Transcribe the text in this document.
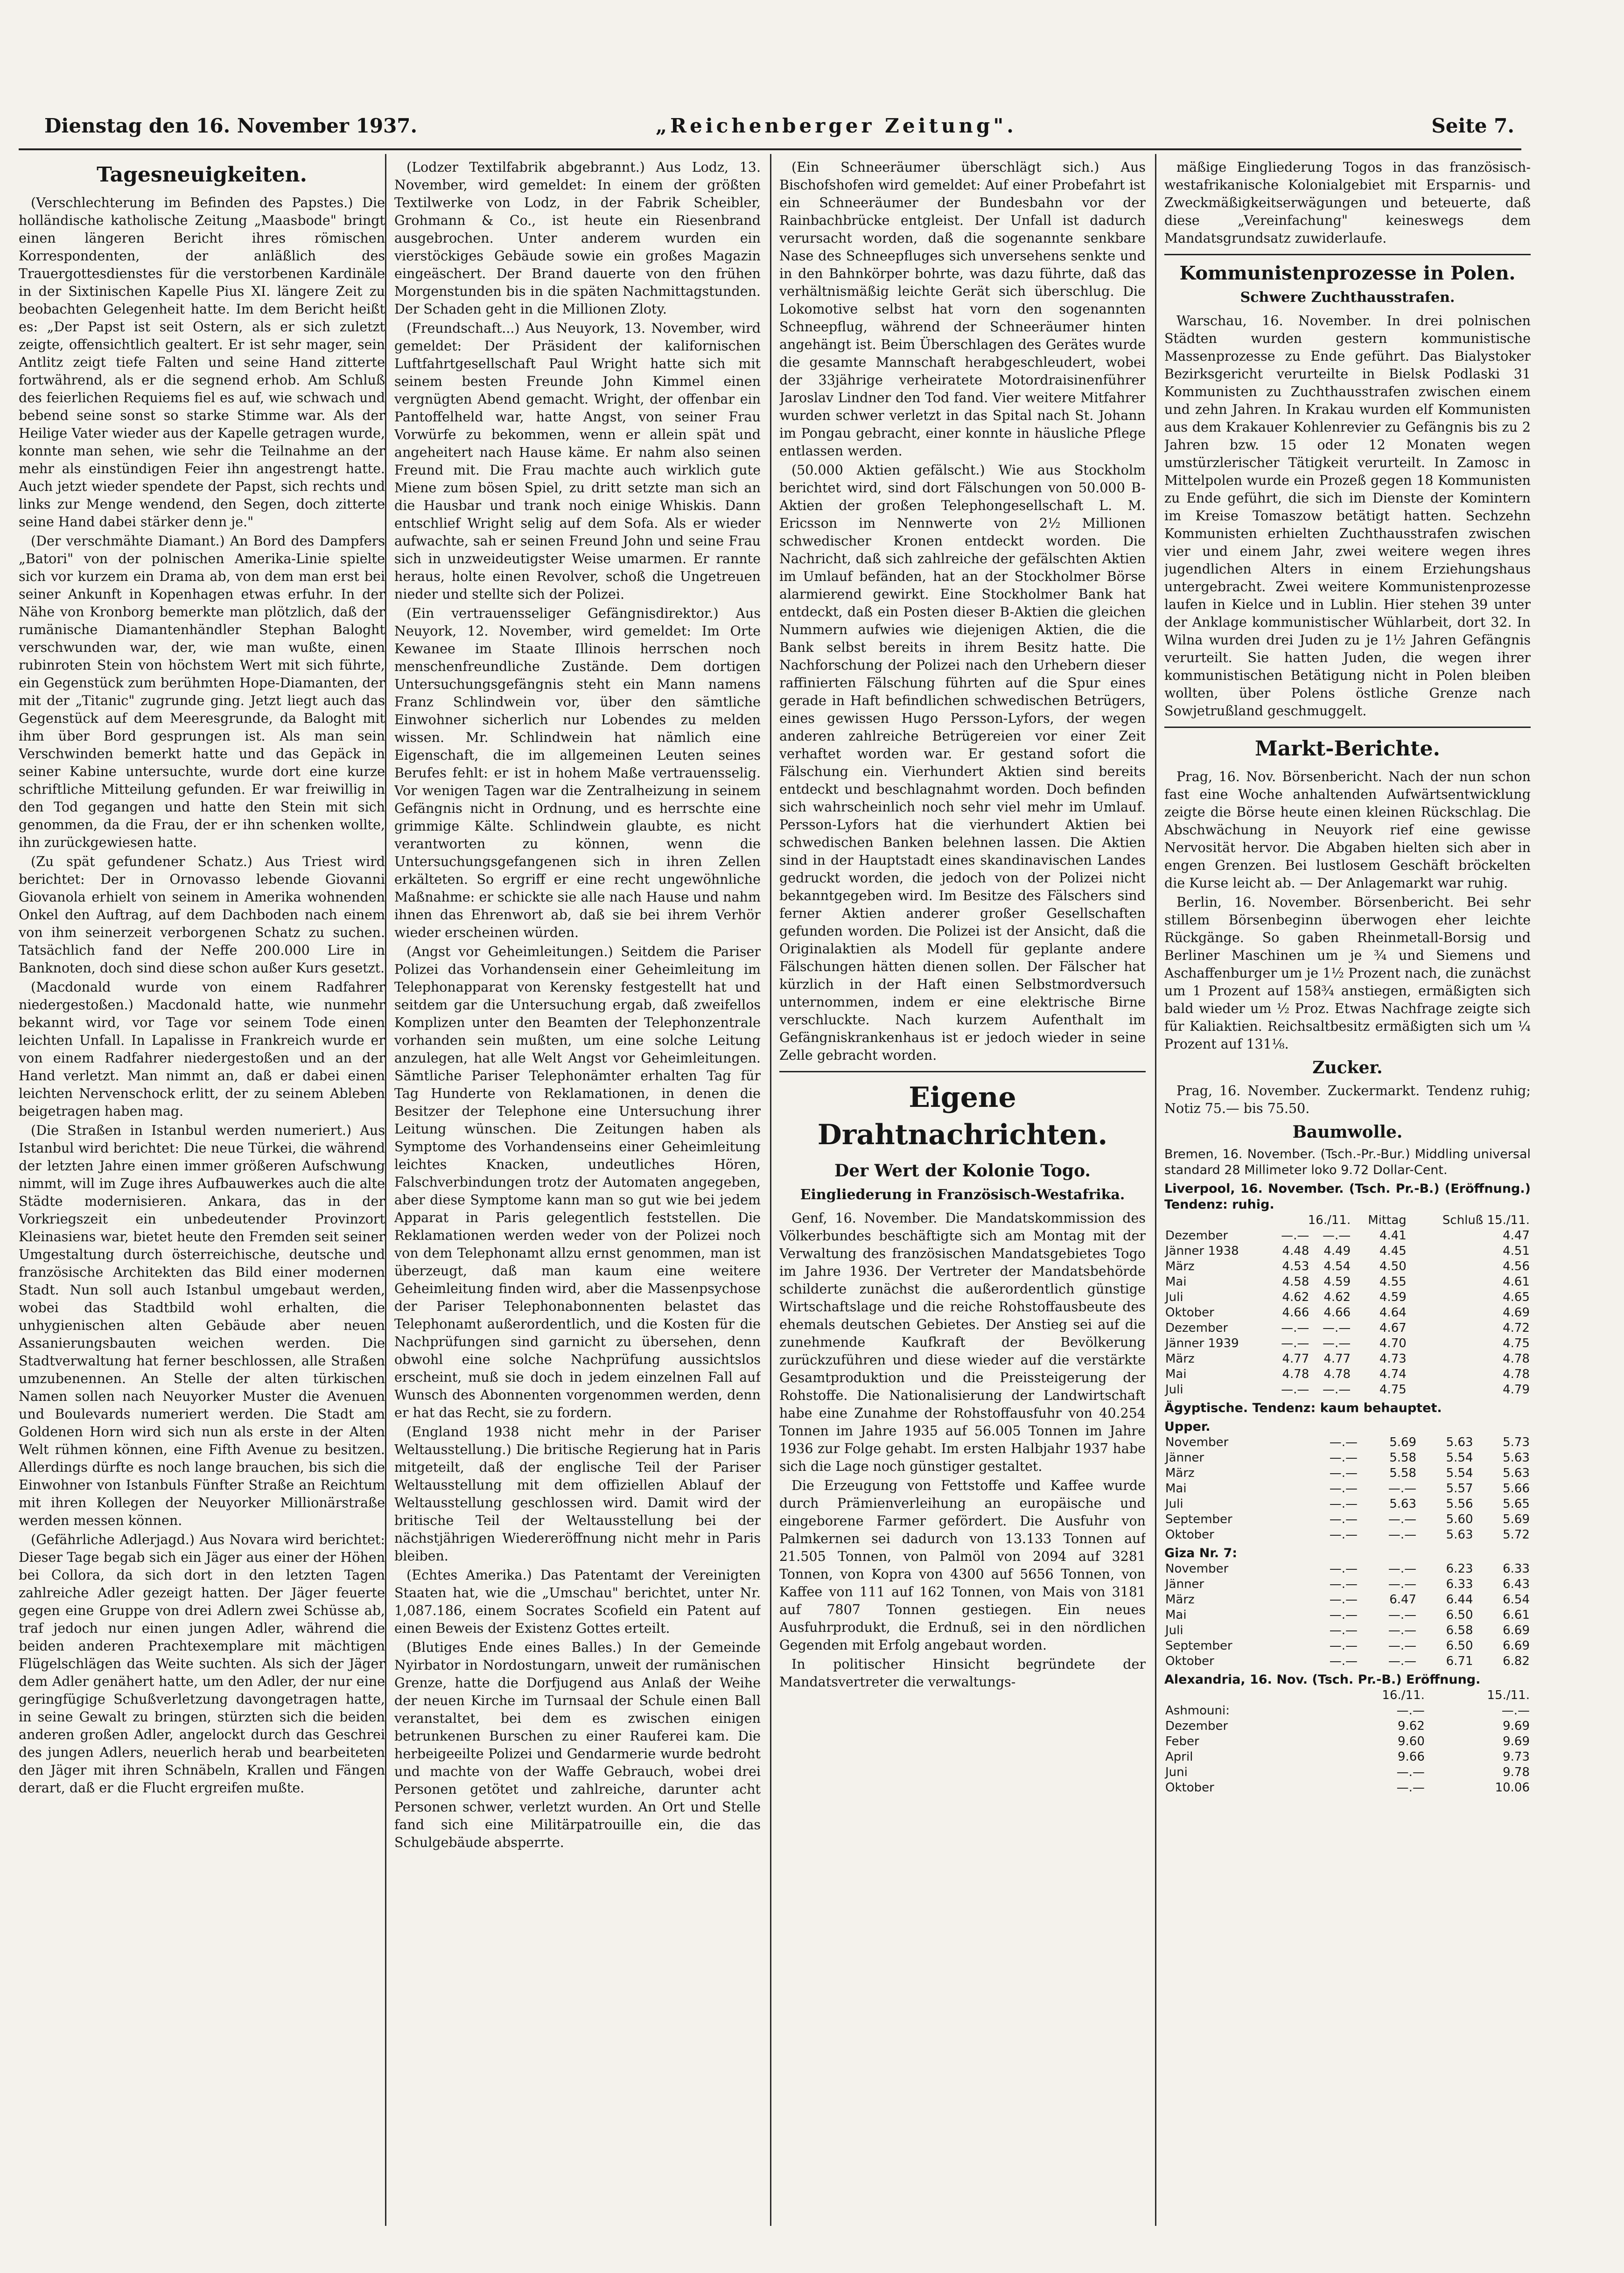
Dienstag den 16. November 1937.	„Reichenberger Zeitung".	Seite 7.
Tagesneuigkeiten.

(Verschlechterung im Befinden des Papstes.) Die holländische katholische Zeitung „Maasbode" bringt einen längeren Bericht ihres römischen Korrespondenten, der anläßlich des Trauergottesdienstes für die verstorbenen Kardinäle in der Sixtinischen Kapelle Pius XI. längere Zeit zu beobachten Gelegenheit hatte. Im dem Bericht heißt es: „Der Papst ist seit Ostern, als er sich zuletzt zeigte, offensichtlich gealtert. Er ist sehr mager, sein Antlitz zeigt tiefe Falten und seine Hand zitterte fortwährend, als er die segnend erhob. Am Schluß des feierlichen Requiems fiel es auf, wie schwach und bebend seine sonst so starke Stimme war. Als der Heilige Vater wieder aus der Kapelle getragen wurde, konnte man sehen, wie sehr die Teilnahme an der mehr als einstündigen Feier ihn angestrengt hatte. Auch jetzt wieder spendete der Papst, sich rechts und links zur Menge wendend, den Segen, doch zitterte seine Hand dabei stärker denn je."

(Der verschmähte Diamant.) An Bord des Dampfers „Batori" von der polnischen Amerika-Linie spielte sich vor kurzem ein Drama ab, von dem man erst bei seiner Ankunft in Kopenhagen etwas erfuhr. In der Nähe von Kronborg bemerkte man plötzlich, daß der rumänische Diamantenhändler Stephan Baloght verschwunden war, der, wie man wußte, einen rubinroten Stein von höchstem Wert mit sich führte, ein Gegenstück zum berühmten Hope-Diamanten, der mit der „Titanic" zugrunde ging. Jetzt liegt auch das Gegenstück auf dem Meeresgrunde, da Baloght mit ihm über Bord gesprungen ist. Als man sein Verschwinden bemerkt hatte und das Gepäck in seiner Kabine untersuchte, wurde dort eine kurze schriftliche Mitteilung gefunden. Er war freiwillig in den Tod gegangen und hatte den Stein mit sich genommen, da die Frau, der er ihn schenken wollte, ihn zurückgewiesen hatte.

(Zu spät gefundener Schatz.) Aus Triest wird berichtet: Der in Ornovasso lebende Giovanni Giovanola erhielt von seinem in Amerika wohnenden Onkel den Auftrag, auf dem Dachboden nach einem von ihm seinerzeit verborgenen Schatz zu suchen. Tatsächlich fand der Neffe 200.000 Lire in Banknoten, doch sind diese schon außer Kurs gesetzt.

(Macdonald wurde von einem Radfahrer niedergestoßen.) Macdonald hatte, wie nunmehr bekannt wird, vor Tage vor seinem Tode einen leichten Unfall. In Lapalisse in Frankreich wurde er von einem Radfahrer niedergestoßen und an der Hand verletzt. Man nimmt an, daß er dabei einen leichten Nervenschock erlitt, der zu seinem Ableben beigetragen haben mag.

(Die Straßen in Istanbul werden numeriert.) Aus Istanbul wird berichtet: Die neue Türkei, die während der letzten Jahre einen immer größeren Aufschwung nimmt, will im Zuge ihres Aufbauwerkes auch die alte Städte modernisieren. Ankara, das in der Vorkriegszeit ein unbedeutender Provinzort Kleinasiens war, bietet heute den Fremden seit seiner Umgestaltung durch österreichische, deutsche und französische Architekten das Bild einer modernen Stadt. Nun soll auch Istanbul umgebaut werden, wobei das Stadtbild wohl erhalten, die unhygienischen alten Gebäude aber neuen Assanierungsbauten weichen werden. Die Stadtverwaltung hat ferner beschlossen, alle Straßen umzubenennen. An Stelle der alten türkischen Namen sollen nach Neuyorker Muster die Avenuen und Boulevards numeriert werden. Die Stadt am Goldenen Horn wird sich nun als erste in der Alten Welt rühmen können, eine Fifth Avenue zu besitzen. Allerdings dürfte es noch lange brauchen, bis sich die Einwohner von Istanbuls Fünfter Straße an Reichtum mit ihren Kollegen der Neuyorker Millionärstraße werden messen können.

(Gefährliche Adlerjagd.) Aus Novara wird berichtet: Dieser Tage begab sich ein Jäger aus einer der Höhen bei Collora, da sich dort in den letzten Tagen zahlreiche Adler gezeigt hatten. Der Jäger feuerte gegen eine Gruppe von drei Adlern zwei Schüsse ab, traf jedoch nur einen jungen Adler, während die beiden anderen Prachtexemplare mit mächtigen Flügelschlägen das Weite suchten. Als sich der Jäger dem Adler genähert hatte, um den Adler, der nur eine geringfügige Schußverletzung davongetragen hatte, in seine Gewalt zu bringen, stürzten sich die beiden anderen großen Adler, angelockt durch das Geschrei des jungen Adlers, neuerlich herab und bearbeiteten den Jäger mit ihren Schnäbeln, Krallen und Fängen derart, daß er die Flucht ergreifen mußte.

(Lodzer Textilfabrik abgebrannt.) Aus Lodz, 13. November, wird gemeldet: In einem der größten Textilwerke von Lodz, in der Fabrik Scheibler, Grohmann & Co., ist heute ein Riesenbrand ausgebrochen. Unter anderem wurden ein vierstöckiges Gebäude sowie ein großes Magazin eingeäschert. Der Brand dauerte von den frühen Morgenstunden bis in die späten Nachmittagstunden. Der Schaden geht in die Millionen Zloty.

(Freundschaft...) Aus Neuyork, 13. November, wird gemeldet: Der Präsident der kalifornischen Luftfahrtgesellschaft Paul Wright hatte sich mit seinem besten Freunde John Kimmel einen vergnügten Abend gemacht. Wright, der offenbar ein Pantoffelheld war, hatte Angst, von seiner Frau Vorwürfe zu bekommen, wenn er allein spät und angeheitert nach Hause käme. Er nahm also seinen Freund mit. Die Frau machte auch wirklich gute Miene zum bösen Spiel, zu dritt setzte man sich an die Hausbar und trank noch einige Whiskis. Dann entschlief Wright selig auf dem Sofa. Als er wieder aufwachte, sah er seinen Freund John und seine Frau sich in unzweideutigster Weise umarmen. Er rannte heraus, holte einen Revolver, schoß die Ungetreuen nieder und stellte sich der Polizei.

(Ein vertrauensseliger Gefängnisdirektor.) Aus Neuyork, 12. November, wird gemeldet: Im Orte Kewanee im Staate Illinois herrschen noch menschenfreundliche Zustände. Dem dortigen Untersuchungsgefängnis steht ein Mann namens Franz Schlindwein vor, über den sämtliche Einwohner sicherlich nur Lobendes zu melden wissen. Mr. Schlindwein hat nämlich eine Eigenschaft, die im allgemeinen Leuten seines Berufes fehlt: er ist in hohem Maße vertrauensselig. Vor wenigen Tagen war die Zentralheizung in seinem Gefängnis nicht in Ordnung, und es herrschte eine grimmige Kälte. Schlindwein glaubte, es nicht verantworten zu können, wenn die Untersuchungsgefangenen sich in ihren Zellen erkälteten. So ergriff er eine recht ungewöhnliche Maßnahme: er schickte sie alle nach Hause und nahm ihnen das Ehrenwort ab, daß sie bei ihrem Verhör wieder erscheinen würden.

(Angst vor Geheimleitungen.) Seitdem die Pariser Polizei das Vorhandensein einer Geheimleitung im Telephonapparat von Kerensky festgestellt hat und seitdem gar die Untersuchung ergab, daß zweifellos Komplizen unter den Beamten der Telephonzentrale vorhanden sein mußten, um eine solche Leitung anzulegen, hat alle Welt Angst vor Geheimleitungen. Sämtliche Pariser Telephonämter erhalten Tag für Tag Hunderte von Reklamationen, in denen die Besitzer der Telephone eine Untersuchung ihrer Leitung wünschen. Die Zeitungen haben als Symptome des Vorhandenseins einer Geheimleitung leichtes Knacken, undeutliches Hören, Falschverbindungen trotz der Automaten angegeben, aber diese Symptome kann man so gut wie bei jedem Apparat in Paris gelegentlich feststellen. Die Reklamationen werden weder von der Polizei noch von dem Telephonamt allzu ernst genommen, man ist überzeugt, daß man kaum eine weitere Geheimleitung finden wird, aber die Massenpsychose der Pariser Telephonabonnenten belastet das Telephonamt außerordentlich, und die Kosten für die Nachprüfungen sind garnicht zu übersehen, denn obwohl eine solche Nachprüfung aussichtslos erscheint, muß sie doch in jedem einzelnen Fall auf Wunsch des Abonnenten vorgenommen werden, denn er hat das Recht, sie zu fordern.

(England 1938 nicht mehr in der Pariser Weltausstellung.) Die britische Regierung hat in Paris mitgeteilt, daß der englische Teil der Pariser Weltausstellung mit dem offiziellen Ablauf der Weltausstellung geschlossen wird. Damit wird der britische Teil der Weltausstellung bei der nächstjährigen Wiedereröffnung nicht mehr in Paris bleiben.

(Echtes Amerika.) Das Patentamt der Vereinigten Staaten hat, wie die „Umschau" berichtet, unter Nr. 1,087.186, einem Socrates Scofield ein Patent auf einen Beweis der Existenz Gottes erteilt.

(Blutiges Ende eines Balles.) In der Gemeinde Nyirbator in Nordostungarn, unweit der rumänischen Grenze, hatte die Dorfjugend aus Anlaß der Weihe der neuen Kirche im Turnsaal der Schule einen Ball veranstaltet, bei dem es zwischen einigen betrunkenen Burschen zu einer Rauferei kam. Die herbeigeeilte Polizei und Gendarmerie wurde bedroht und machte von der Waffe Gebrauch, wobei drei Personen getötet und zahlreiche, darunter acht Personen schwer, verletzt wurden. An Ort und Stelle fand sich eine Militärpatrouille ein, die das Schulgebäude absperrte.

(Ein Schneeräumer überschlägt sich.) Aus Bischofshofen wird gemeldet: Auf einer Probefahrt ist ein Schneeräumer der Bundesbahn vor der Rainbachbrücke entgleist. Der Unfall ist dadurch verursacht worden, daß die sogenannte senkbare Nase des Schneepfluges sich unversehens senkte und in den Bahnkörper bohrte, was dazu führte, daß das verhältnismäßig leichte Gerät sich überschlug. Die Lokomotive selbst hat vorn den sogenannten Schneepflug, während der Schneeräumer hinten angehängt ist. Beim Überschlagen des Gerätes wurde die gesamte Mannschaft herabgeschleudert, wobei der 33jährige verheiratete Motordraisinenführer Jaroslav Lindner den Tod fand. Vier weitere Mitfahrer wurden schwer verletzt in das Spital nach St. Johann im Pongau gebracht, einer konnte in häusliche Pflege entlassen werden.

(50.000 Aktien gefälscht.) Wie aus Stockholm berichtet wird, sind dort Fälschungen von 50.000 B-Aktien der großen Telephongesellschaft L. M. Ericsson im Nennwerte von 2½ Millionen schwedischer Kronen entdeckt worden. Die Nachricht, daß sich zahlreiche der gefälschten Aktien im Umlauf befänden, hat an der Stockholmer Börse alarmierend gewirkt. Eine Stockholmer Bank hat entdeckt, daß ein Posten dieser B-Aktien die gleichen Nummern aufwies wie diejenigen Aktien, die die Bank selbst bereits in ihrem Besitz hatte. Die Nachforschung der Polizei nach den Urhebern dieser raffinierten Fälschung führten auf die Spur eines gerade in Haft befindlichen schwedischen Betrügers, eines gewissen Hugo Persson-Lyfors, der wegen anderen zahlreiche Betrügereien vor einer Zeit verhaftet worden war. Er gestand sofort die Fälschung ein. Vierhundert Aktien sind bereits entdeckt und beschlagnahmt worden. Doch befinden sich wahrscheinlich noch sehr viel mehr im Umlauf. Persson-Lyfors hat die vierhundert Aktien bei schwedischen Banken belehnen lassen. Die Aktien sind in der Hauptstadt eines skandinavischen Landes gedruckt worden, die jedoch von der Polizei nicht bekanntgegeben wird. Im Besitze des Fälschers sind ferner Aktien anderer großer Gesellschaften gefunden worden. Die Polizei ist der Ansicht, daß die Originalaktien als Modell für geplante andere Fälschungen hätten dienen sollen. Der Fälscher hat kürzlich in der Haft einen Selbstmordversuch unternommen, indem er eine elektrische Birne verschluckte. Nach kurzem Aufenthalt im Gefängniskrankenhaus ist er jedoch wieder in seine Zelle gebracht worden.

Eigene Drahtnachrichten.
Der Wert der Kolonie Togo.
Eingliederung in Französisch-Westafrika.

Genf, 16. November. Die Mandatskommission des Völkerbundes beschäftigte sich am Montag mit der Verwaltung des französischen Mandatsgebietes Togo im Jahre 1936. Der Vertreter der Mandatsbehörde schilderte zunächst die außerordentlich günstige Wirtschaftslage und die reiche Rohstoffausbeute des ehemals deutschen Gebietes. Der Anstieg sei auf die zunehmende Kaufkraft der Bevölkerung zurückzuführen und diese wieder auf die verstärkte Gesamtproduktion und die Preissteigerung der Rohstoffe. Die Nationalisierung der Landwirtschaft habe eine Zunahme der Rohstoffausfuhr von 40.254 Tonnen im Jahre 1935 auf 56.005 Tonnen im Jahre 1936 zur Folge gehabt. Im ersten Halbjahr 1937 habe sich die Lage noch günstiger gestaltet.

Die Erzeugung von Fettstoffe und Kaffee wurde durch Prämienverleihung an europäische und eingeborene Farmer gefördert. Die Ausfuhr von Palmkernen sei dadurch von 13.133 Tonnen auf 21.505 Tonnen, von Palmöl von 2094 auf 3281 Tonnen, von Kopra von 4300 auf 5656 Tonnen, von Kaffee von 111 auf 162 Tonnen, von Mais von 3181 auf 7807 Tonnen gestiegen. Ein neues Ausfuhrprodukt, die Erdnuß, sei in den nördlichen Gegenden mit Erfolg angebaut worden.

In politischer Hinsicht begründete der Mandatsvertreter die verwaltungs-

mäßige Eingliederung Togos in das französisch-westafrikanische Kolonialgebiet mit Ersparnis- und Zweckmäßigkeitserwägungen und beteuerte, daß diese „Vereinfachung" keineswegs dem Mandatsgrundsatz zuwiderlaufe.

Kommunistenprozesse in Polen.
Schwere Zuchthausstrafen.

Warschau, 16. November. In drei polnischen Städten wurden gestern kommunistische Massenprozesse zu Ende geführt. Das Bialystoker Bezirksgericht verurteilte in Bielsk Podlaski 31 Kommunisten zu Zuchthausstrafen zwischen einem und zehn Jahren. In Krakau wurden elf Kommunisten aus dem Krakauer Kohlenrevier zu Gefängnis bis zu 2 Jahren bzw. 15 oder 12 Monaten wegen umstürzlerischer Tätigkeit verurteilt. In Zamosc in Mittelpolen wurde ein Prozeß gegen 18 Kommunisten zu Ende geführt, die sich im Dienste der Komintern im Kreise Tomaszow betätigt hatten. Sechzehn Kommunisten erhielten Zuchthausstrafen zwischen vier und einem Jahr, zwei weitere wegen ihres jugendlichen Alters in einem Erziehungshaus untergebracht. Zwei weitere Kommunistenprozesse laufen in Kielce und in Lublin. Hier stehen 39 unter der Anklage kommunistischer Wühlarbeit, dort 32. In Wilna wurden drei Juden zu je 1½ Jahren Gefängnis verurteilt. Sie hatten Juden, die wegen ihrer kommunistischen Betätigung nicht in Polen bleiben wollten, über Polens östliche Grenze nach Sowjetrußland geschmuggelt.

Markt-Berichte.

Prag, 16. Nov. Börsenbericht. Nach der nun schon fast eine Woche anhaltenden Aufwärtsentwicklung zeigte die Börse heute einen kleinen Rückschlag. Die Abschwächung in Neuyork rief eine gewisse Nervosität hervor. Die Abgaben hielten sich aber in engen Grenzen. Bei lustlosem Geschäft bröckelten die Kurse leicht ab. — Der Anlagemarkt war ruhig.

Berlin, 16. November. Börsenbericht. Bei sehr stillem Börsenbeginn überwogen eher leichte Rückgänge. So gaben Rheinmetall-Borsig und Berliner Maschinen um je ¾ und Siemens und Aschaffenburger um je 1½ Prozent nach, die zunächst um 1 Prozent auf 158¾ anstiegen, ermäßigten sich bald wieder um ½ Proz. Etwas Nachfrage zeigte sich für Kaliaktien. Reichsaltbesitz ermäßigten sich um ¼ Prozent auf 131⅛.

Zucker.

Prag, 16. November. Zuckermarkt. Tendenz ruhig; Notiz 75.— bis 75.50.

Baumwolle.
Bremen, 16. November. (Tsch.-Pr.-Bur.) Middling universal standard 28 Millimeter loko 9.72 Dollar-Cent.
Liverpool, 16. November. (Tsch. Pr.-B.) (Eröffnung.) Tendenz: ruhig.
	16./11.		Mittag	Schluß 15./11.
Dezember	—.—	—.—	4.41	4.47
Jänner 1938	4.48	4.49	4.45	4.51
März	4.53	4.54	4.50	4.56
Mai	4.58	4.59	4.55	4.61
Juli	4.62	4.62	4.59	4.65
Oktober	4.66	4.66	4.64	4.69
Dezember	—.—	—.—	4.67	4.72
Jänner 1939	—.—	—.—	4.70	4.75
März	4.77	4.77	4.73	4.78
Mai	4.78	4.78	4.74	4.78
Juli	—.—	—.—	4.75	4.79
Ägyptische. Tendenz: kaum behauptet.
Upper.
November	—.—	5.69	5.63	5.73
Jänner	—.—	5.58	5.54	5.63
März	—.—	5.58	5.54	5.63
Mai	—.—	—.—	5.57	5.66
Juli	—.—	5.63	5.56	5.65
September	—.—	—.—	5.60	5.69
Oktober	—.—	—.—	5.63	5.72
Giza Nr. 7:
November	—.—	—.—	6.23	6.33
Jänner	—.—	—.—	6.33	6.43
März	—.—	6.47	6.44	6.54
Mai	—.—	—.—	6.50	6.61
Juli	—.—	—.—	6.58	6.69
September	—.—	—.—	6.50	6.69
Oktober	—.—	—.—	6.71	6.82
Alexandria, 16. Nov. (Tsch. Pr.-B.) Eröffnung.
	16./11.	15./11.
Ashmouni:	—.—	—.—
Dezember	9.62	9.69
Feber	9.60	9.69
April	9.66	9.73
Juni	—.—	9.78
Oktober	—.—	10.06
